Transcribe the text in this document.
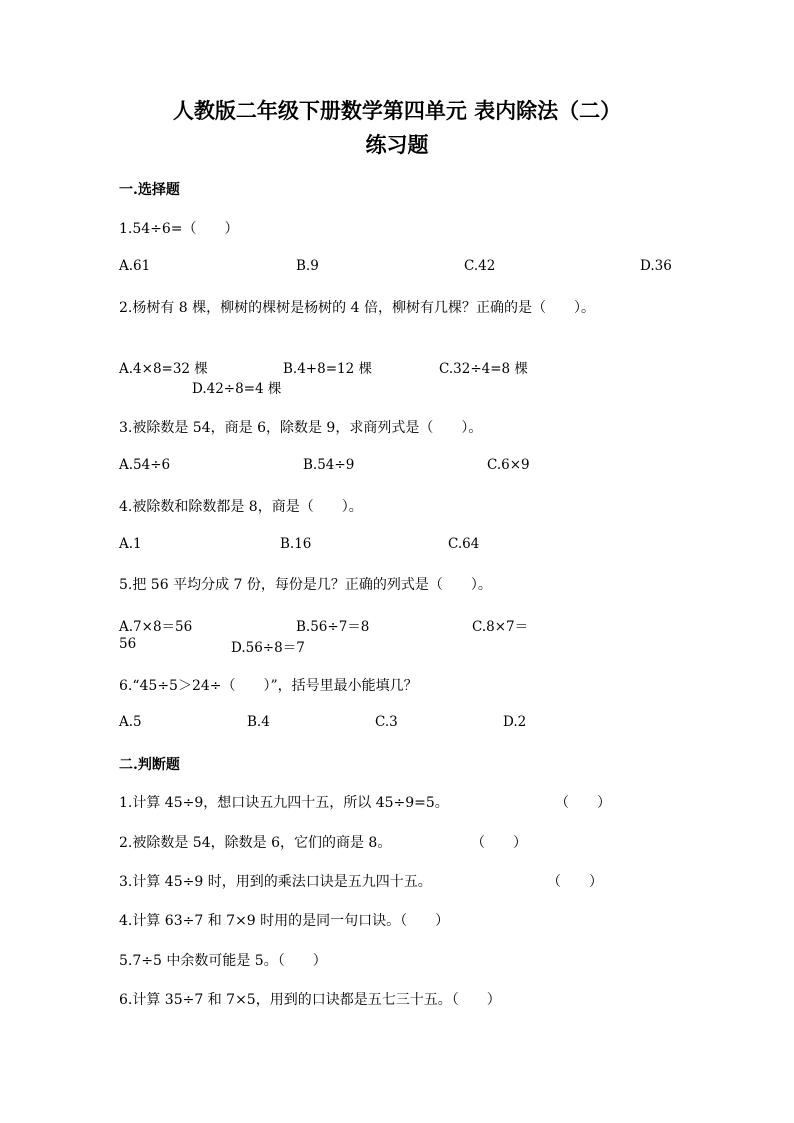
人教版二年级下册数学第四单元 表内除法（二）
练习题
一.选择题
1.54÷6=（　　）
A.61	B.9	C.42	D.36
2.杨树有 8 棵，柳树的棵树是杨树的 4 倍，柳树有几棵？正确的是（　　）。
A.4×8=32 棵	B.4+8=12 棵	C.32÷4=8 棵
D.42÷8=4 棵
3.被除数是 54，商是 6，除数是 9，求商列式是（　　）。
A.54÷6	B.54÷9	C.6×9
4.被除数和除数都是 8，商是（　　）。
A.1	B.16	C.64
5.把 56 平均分成 7 份，每份是几？正确的列式是（　　）。
A.7×8＝56	B.56÷7＝8	C.8×7＝
56	D.56÷8＝7
6.“45÷5＞24÷（　　）”，括号里最小能填几？
A.5	B.4	C.3	D.2
二.判断题
1.计算 45÷9，想口诀五九四十五，所以 45÷9=5。	（　　）
2.被除数是 54，除数是 6，它们的商是 8。	（　　）
3.计算 45÷9 时，用到的乘法口诀是五九四十五。	（　　）
4.计算 63÷7 和 7×9 时用的是同一句口诀。（　　）
5.7÷5 中余数可能是 5。（　　）
6.计算 35÷7 和 7×5，用到的口诀都是五七三十五。（　　）
